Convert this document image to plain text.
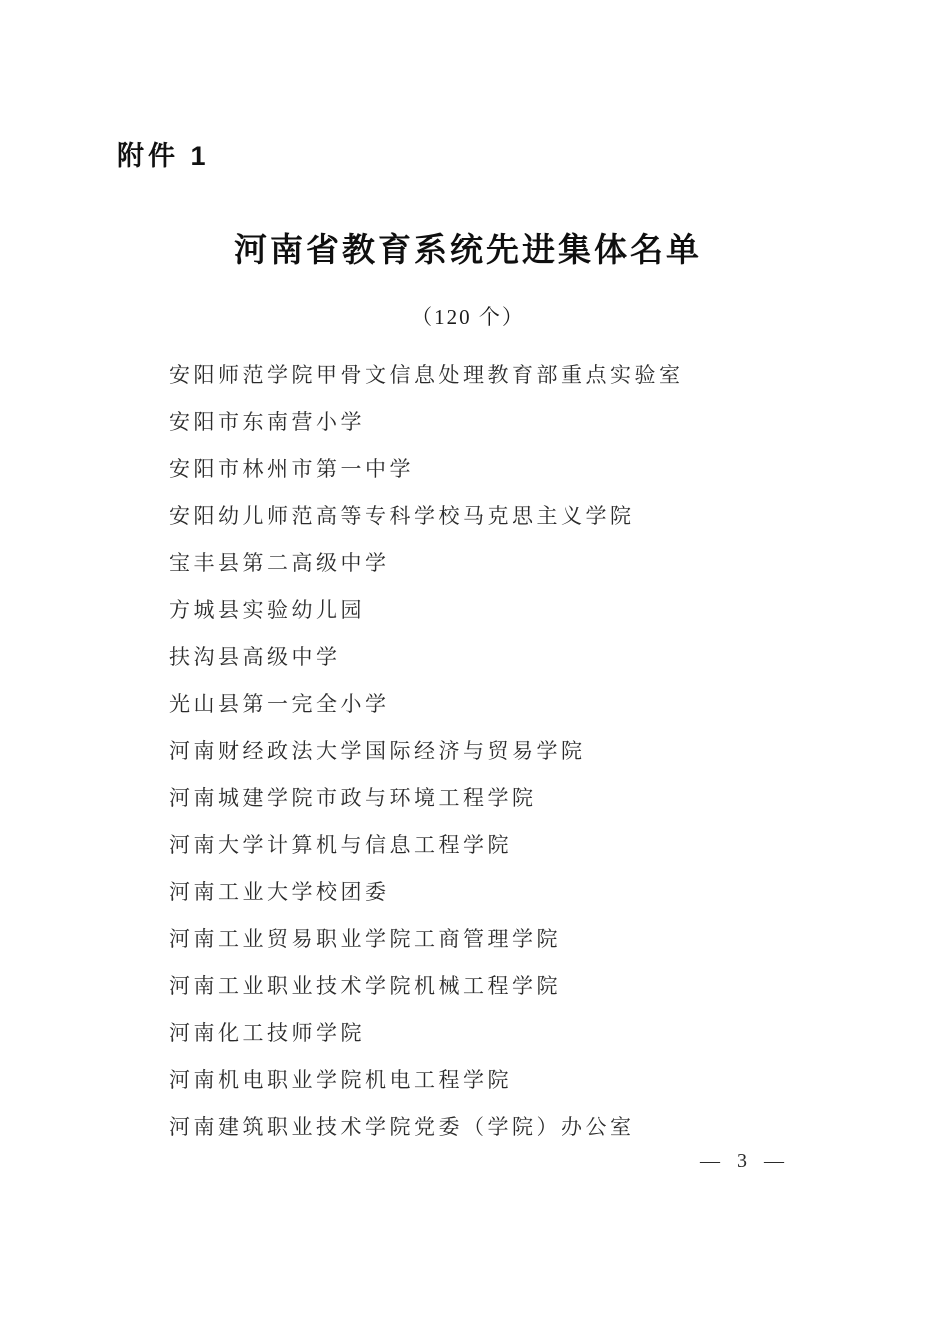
附件 1
河南省教育系统先进集体名单
（120 个）
安阳师范学院甲骨文信息处理教育部重点实验室
安阳市东南营小学
安阳市林州市第一中学
安阳幼儿师范高等专科学校马克思主义学院
宝丰县第二高级中学
方城县实验幼儿园
扶沟县高级中学
光山县第一完全小学
河南财经政法大学国际经济与贸易学院
河南城建学院市政与环境工程学院
河南大学计算机与信息工程学院
河南工业大学校团委
河南工业贸易职业学院工商管理学院
河南工业职业技术学院机械工程学院
河南化工技师学院
河南机电职业学院机电工程学院
河南建筑职业技术学院党委（学院）办公室
— 3 —
